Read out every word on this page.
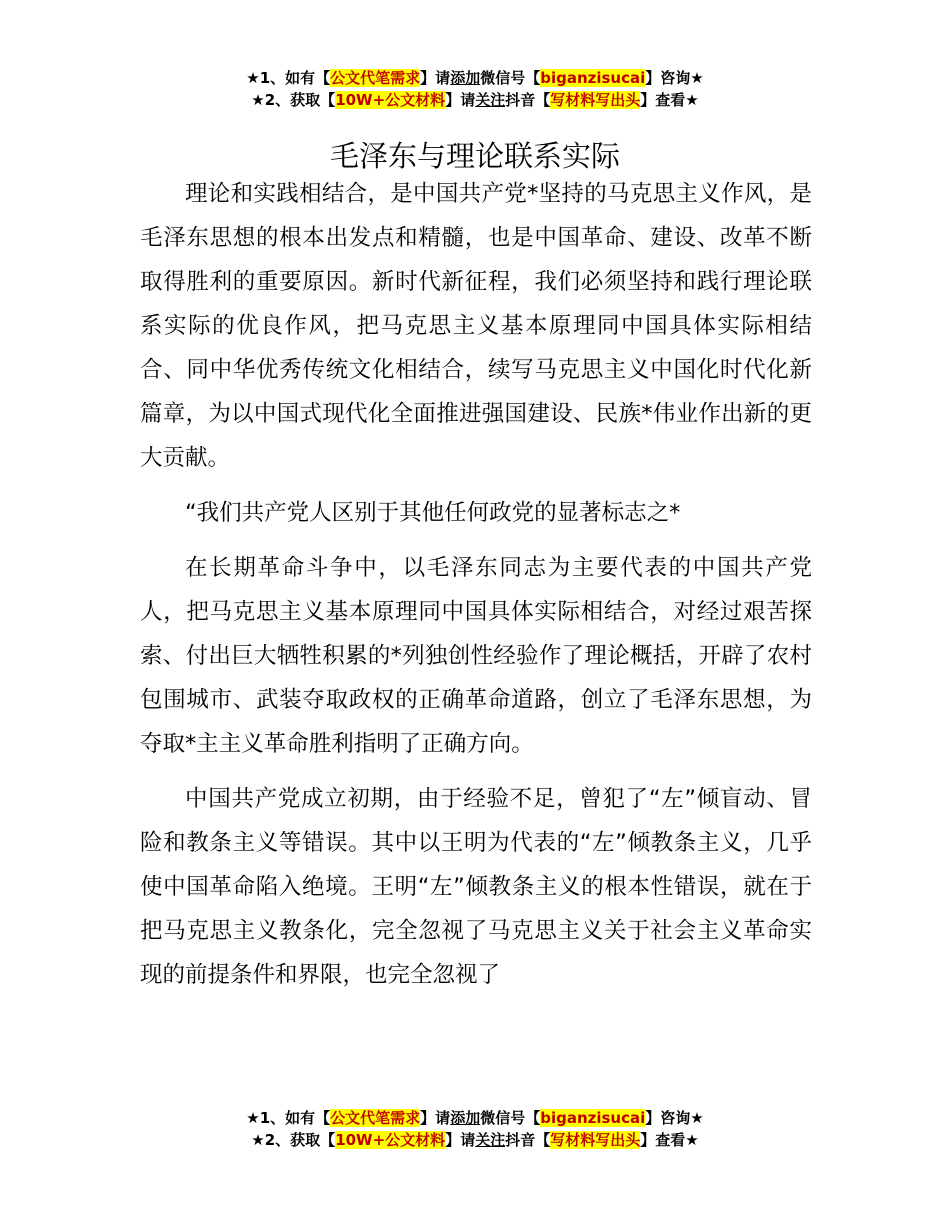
★1、如有【公文代笔需求】请添加微信号【biganzisucai】咨询★
★2、获取【10W+公文材料】请关注抖音【写材料写出头】查看★
毛泽东与理论联系实际

理论和实践相结合，是中国共产党*坚持的马克思主义作风，是毛泽东思想的根本出发点和精髓，也是中国革命、建设、改革不断取得胜利的重要原因。新时代新征程，我们必须坚持和践行理论联系实际的优良作风，把马克思主义基本原理同中国具体实际相结合、同中华优秀传统文化相结合，续写马克思主义中国化时代化新篇章，为以中国式现代化全面推进强国建设、民族*伟业作出新的更大贡献。

“我们共产党人区别于其他任何政党的显著标志之*

在长期革命斗争中，以毛泽东同志为主要代表的中国共产党人，把马克思主义基本原理同中国具体实际相结合，对经过艰苦探索、付出巨大牺牲积累的*列独创性经验作了理论概括，开辟了农村包围城市、武装夺取政权的正确革命道路，创立了毛泽东思想，为夺取*主主义革命胜利指明了正确方向。

中国共产党成立初期，由于经验不足，曾犯了“左”倾盲动、冒险和教条主义等错误。其中以王明为代表的“左”倾教条主义，几乎使中国革命陷入绝境。王明“左”倾教条主义的根本性错误，就在于把马克思主义教条化，完全忽视了马克思主义关于社会主义革命实现的前提条件和界限，也完全忽视了

★1、如有【公文代笔需求】请添加微信号【biganzisucai】咨询★
★2、获取【10W+公文材料】请关注抖音【写材料写出头】查看★
